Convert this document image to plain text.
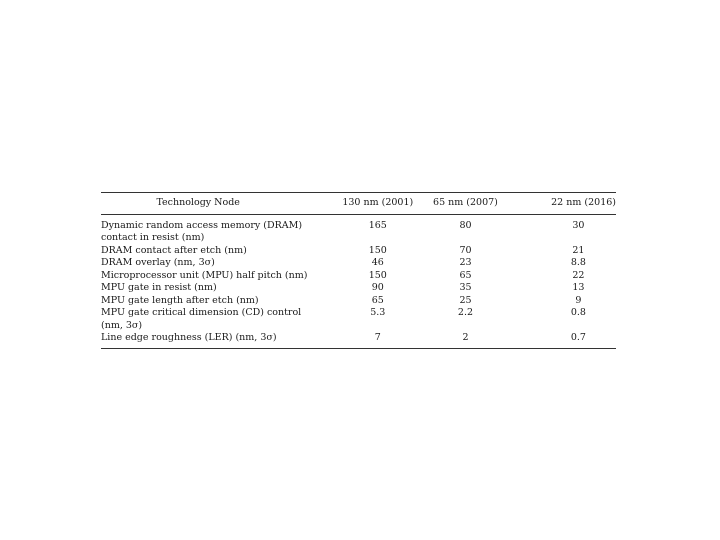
Technology Node	130 nm (2001)	65 nm (2007)	22 nm (2016)
Dynamic random access memory (DRAM) contact in resist (nm)	165	80	30
DRAM contact after etch (nm)	150	70	21
DRAM overlay (nm, 3σ)	46	23	8.8
Microprocessor unit (MPU) half pitch (nm)	150	65	22
MPU gate in resist (nm)	90	35	13
MPU gate length after etch (nm)	65	25	9
MPU gate critical dimension (CD) control (nm, 3σ)	5.3	2.2	0.8
Line edge roughness (LER) (nm, 3σ)	7	2	0.7
